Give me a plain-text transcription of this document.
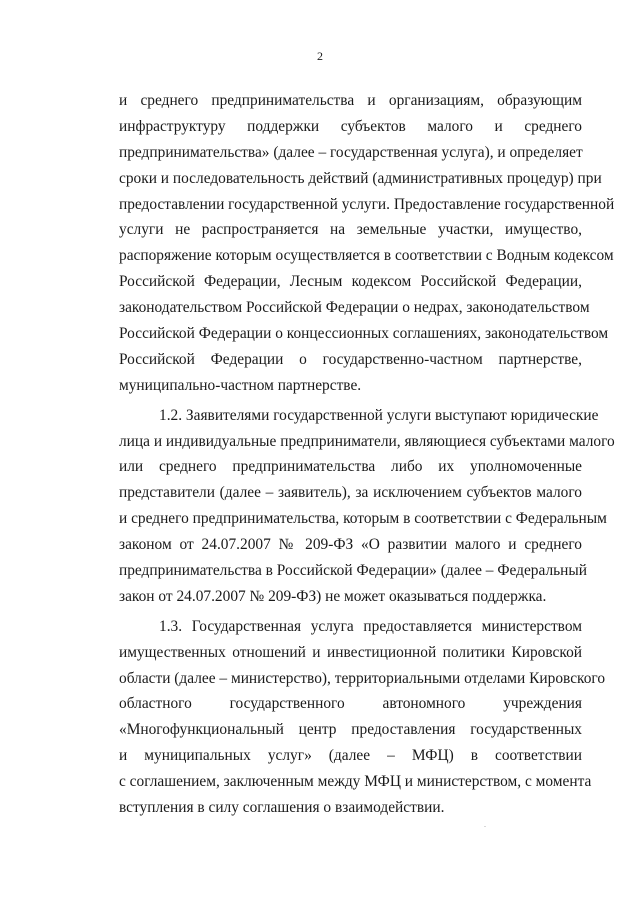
2
и среднего предпринимательства и организациям, образующим
инфраструктуру поддержки субъектов малого и среднего
предпринимательства» (далее – государственная услуга), и определяет
сроки и последовательность действий (административных процедур) при
предоставлении государственной услуги. Предоставление государственной
услуги не распространяется на земельные участки, имущество,
распоряжение которым осуществляется в соответствии с Водным кодексом
Российской Федерации, Лесным кодексом Российской Федерации,
законодательством Российской Федерации о недрах, законодательством
Российской Федерации о концессионных соглашениях, законодательством
Российской Федерации о государственно-частном партнерстве,
муниципально-частном партнерстве.
1.2. Заявителями государственной услуги выступают юридические
лица и индивидуальные предприниматели, являющиеся субъектами малого
или среднего предпринимательства либо их уполномоченные
представители (далее – заявитель), за исключением субъектов малого
и среднего предпринимательства, которым в соответствии с Федеральным
законом от 24.07.2007 № 209-ФЗ «О развитии малого и среднего
предпринимательства в Российской Федерации» (далее – Федеральный
закон от 24.07.2007 № 209-ФЗ) не может оказываться поддержка.
1.3. Государственная услуга предоставляется министерством
имущественных отношений и инвестиционной политики Кировской
области (далее – министерство), территориальными отделами Кировского
областного государственного автономного учреждения
«Многофункциональный центр предоставления государственных
и муниципальных услуг» (далее – МФЦ) в соответствии
с соглашением, заключенным между МФЦ и министерством, с момента
вступления в силу соглашения о взаимодействии.
